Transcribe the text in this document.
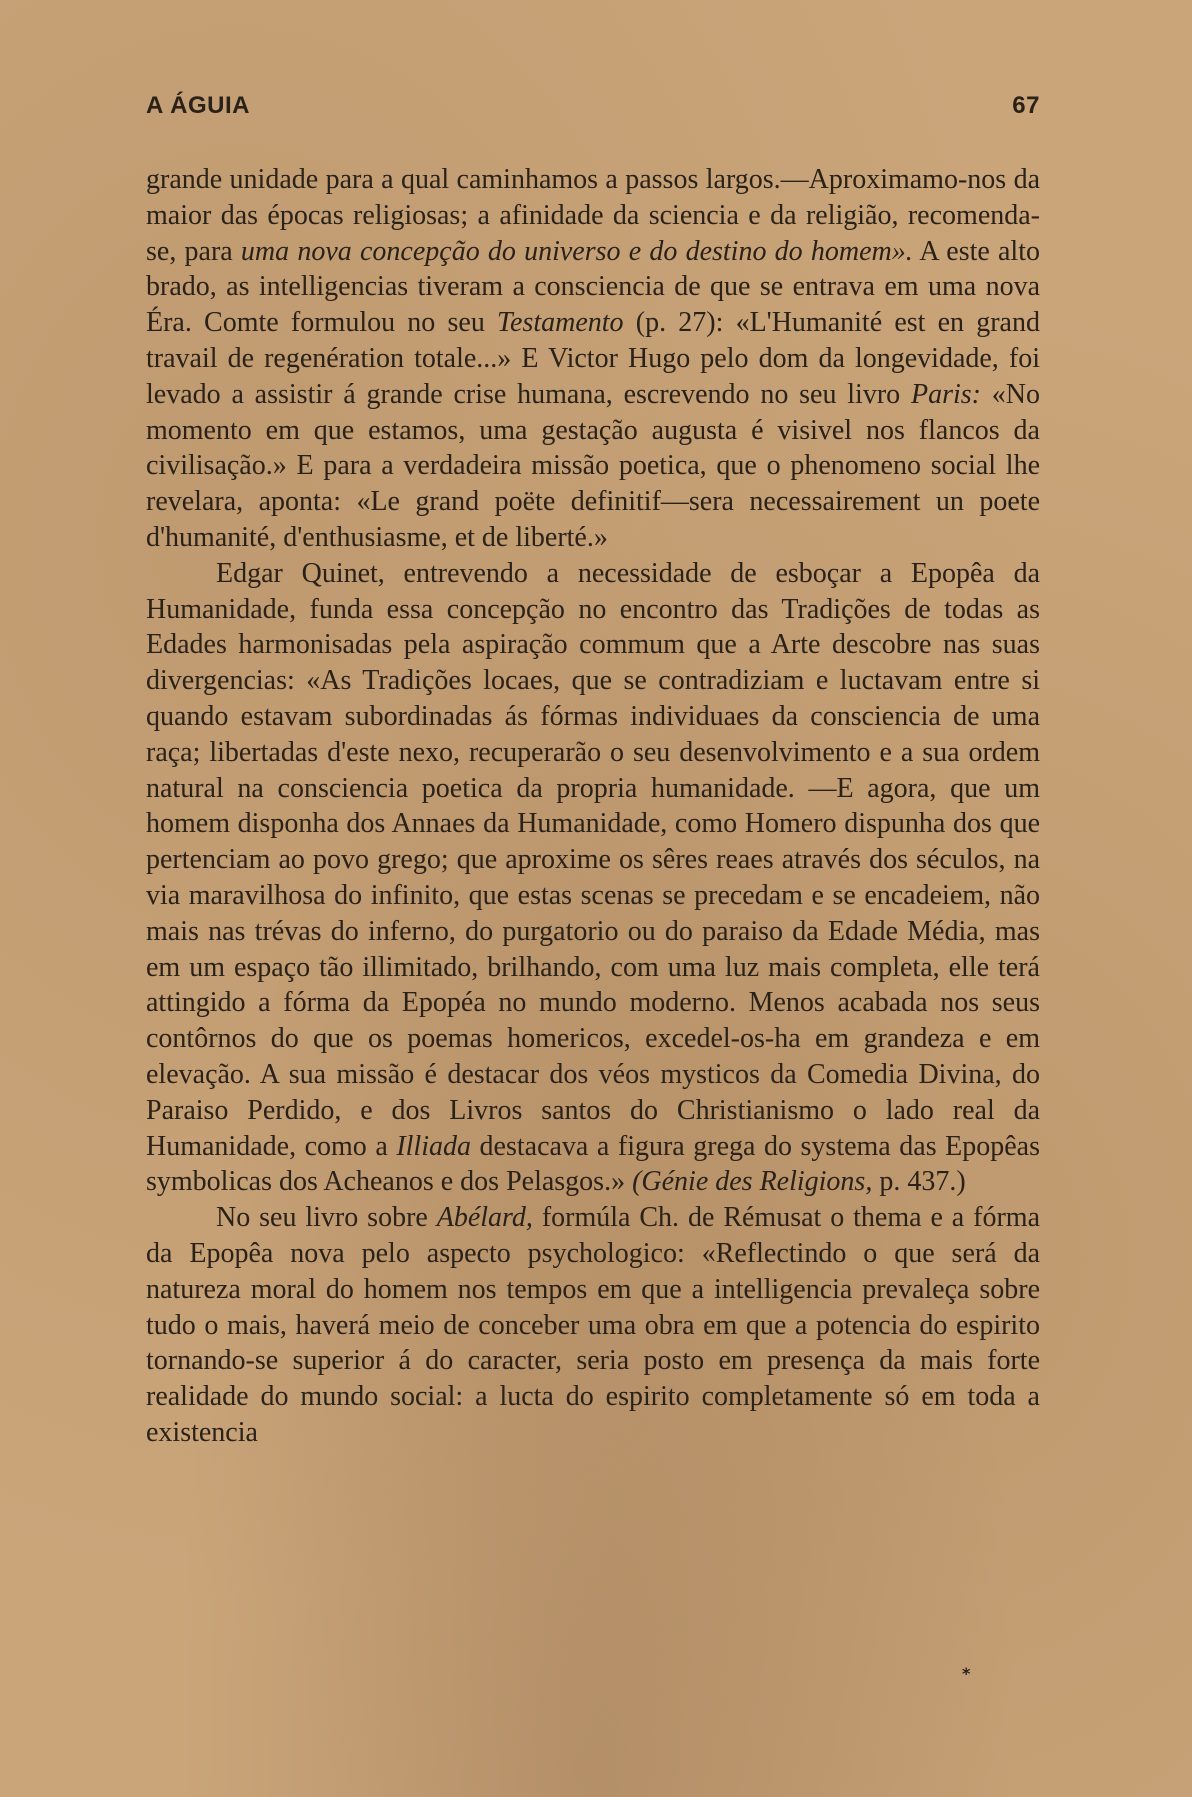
A ÁGUIA	67

grande unidade para a qual caminhamos a passos largos.—Aproximamo-nos da maior das épocas religiosas; a afinidade da sciencia e da religião, recomenda-se, para uma nova concepção do universo e do destino do homem». A este alto brado, as intelligencias tiveram a consciencia de que se entrava em uma nova Éra. Comte formulou no seu Testamento (p. 27): «L'Humanité est en grand travail de regenération totale...» E Victor Hugo pelo dom da longevidade, foi levado a assistir á grande crise humana, escrevendo no seu livro Paris: «No momento em que estamos, uma gestação augusta é visivel nos flancos da civilisação.» E para a verdadeira missão poetica, que o phenomeno social lhe revelara, aponta: «Le grand poëte definitif—sera necessairement un poete d'humanité, d'enthusiasme, et de liberté.»

Edgar Quinet, entrevendo a necessidade de esboçar a Epopêa da Humanidade, funda essa concepção no encontro das Tradições de todas as Edades harmonisadas pela aspiração commum que a Arte descobre nas suas divergencias: «As Tradições locaes, que se contradiziam e luctavam entre si quando estavam subordinadas ás fórmas individuaes da consciencia de uma raça; libertadas d'este nexo, recuperarão o seu desenvolvimento e a sua ordem natural na consciencia poetica da propria humanidade. —E agora, que um homem disponha dos Annaes da Humanidade, como Homero dispunha dos que pertenciam ao povo grego; que aproxime os sêres reaes através dos séculos, na via maravilhosa do infinito, que estas scenas se precedam e se encadeiem, não mais nas trévas do inferno, do purgatorio ou do paraiso da Edade Média, mas em um espaço tão illimitado, brilhando, com uma luz mais completa, elle terá attingido a fórma da Epopéa no mundo moderno. Menos acabada nos seus contôrnos do que os poemas homericos, excedel-os-ha em grandeza e em elevação. A sua missão é destacar dos véos mysticos da Comedia Divina, do Paraiso Perdido, e dos Livros santos do Christianismo o lado real da Humanidade, como a Illiada destacava a figura grega do systema das Epopêas symbolicas dos Acheanos e dos Pelasgos.» (Génie des Religions, p. 437.)

No seu livro sobre Abélard, formúla Ch. de Rémusat o thema e a fórma da Epopêa nova pelo aspecto psychologico: «Reflectindo o que será da natureza moral do homem nos tempos em que a intelligencia prevaleça sobre tudo o mais, haverá meio de conceber uma obra em que a potencia do espirito tornando-se superior á do caracter, seria posto em presença da mais forte realidade do mundo social: a lucta do espirito completamente só em toda a existencia

*
